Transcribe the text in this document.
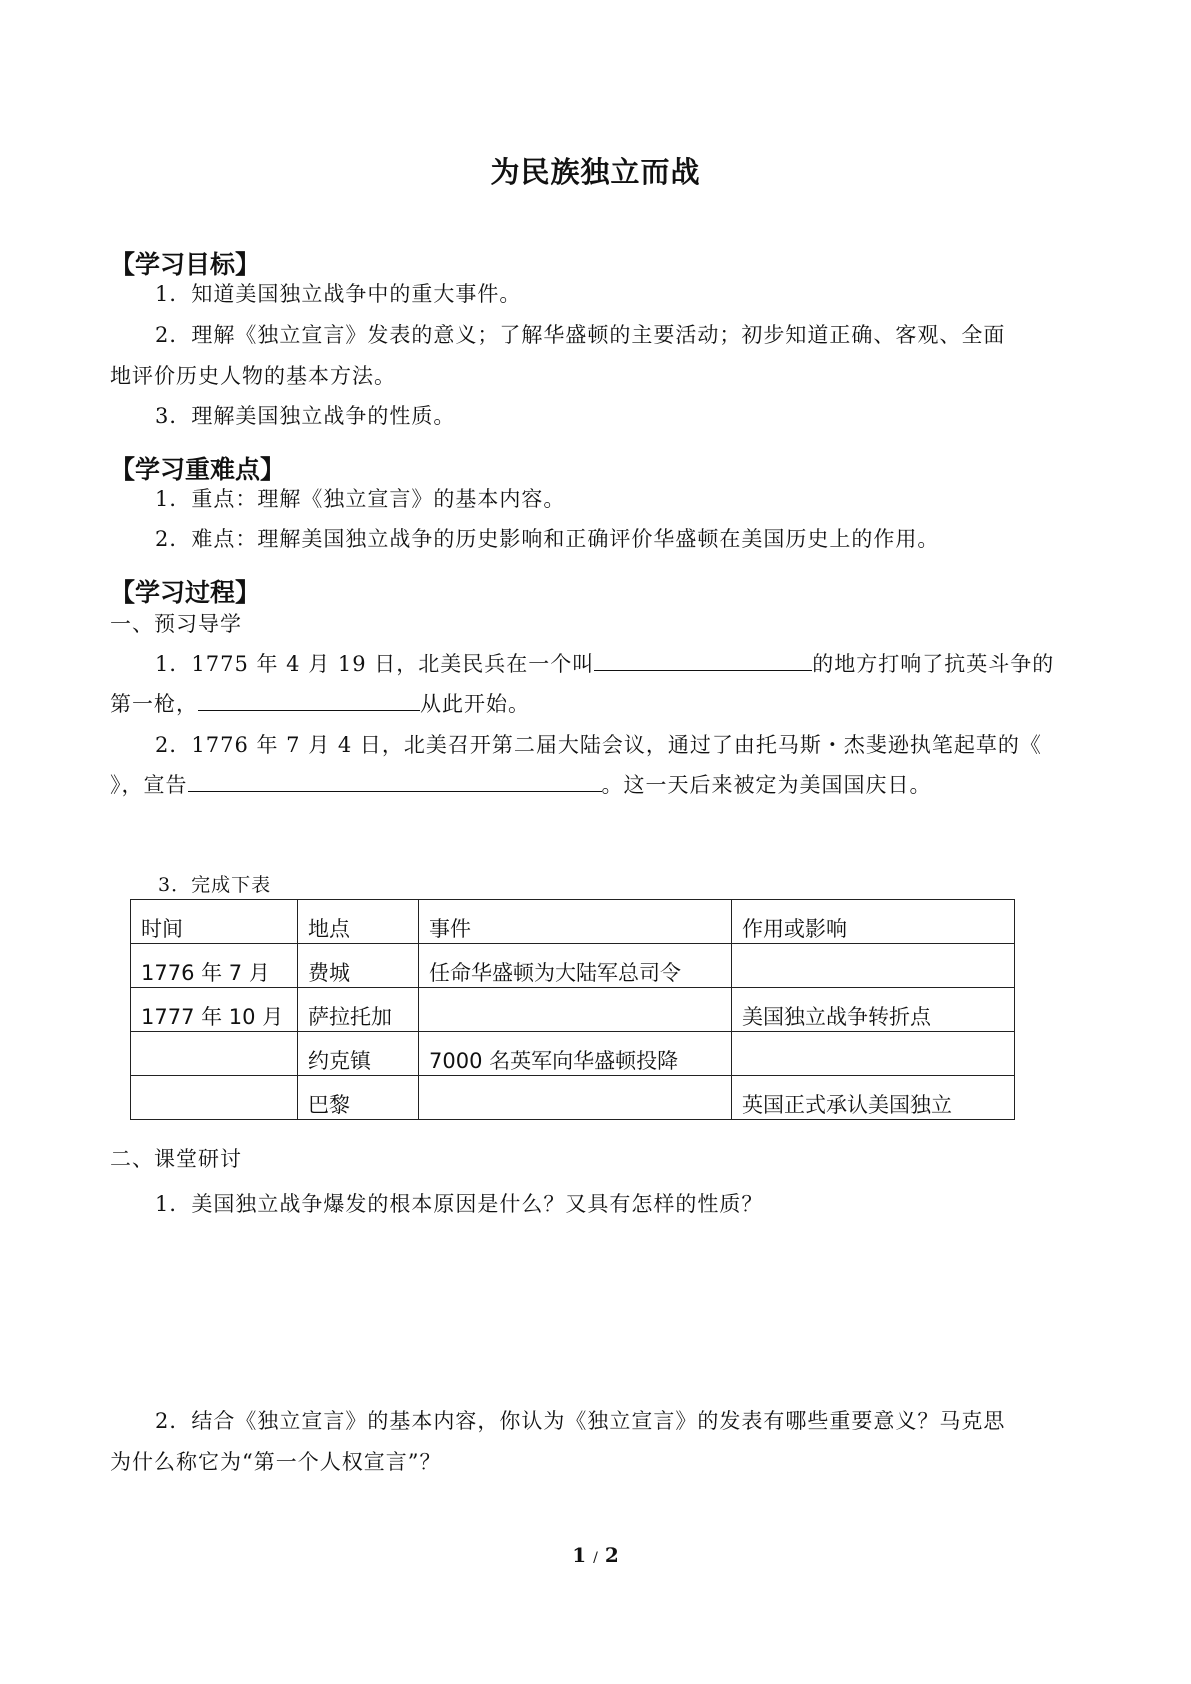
为民族独立而战
【学习目标】
1．知道美国独立战争中的重大事件。
2．理解《独立宣言》发表的意义；了解华盛顿的主要活动；初步知道正确、客观、全面
地评价历史人物的基本方法。
3．理解美国独立战争的性质。
【学习重难点】
1．重点：理解《独立宣言》的基本内容。
2．难点：理解美国独立战争的历史影响和正确评价华盛顿在美国历史上的作用。
【学习过程】
一、预习导学
1．1775 年 4 月 19 日，北美民兵在一个叫	的地方打响了抗英斗争的
第一枪，	从此开始。
2．1776 年 7 月 4 日，北美召开第二届大陆会议，通过了由托马斯・杰斐逊执笔起草的《
》，宣告	。这一天后来被定为美国国庆日。
3．完成下表
时间	地点	事件	作用或影响
1776 年 7 月	费城	任命华盛顿为大陆军总司令	
1777 年 10 月	萨拉托加		美国独立战争转折点
	约克镇	7000 名英军向华盛顿投降	
	巴黎		英国正式承认美国独立
二、课堂研讨
1．美国独立战争爆发的根本原因是什么？又具有怎样的性质？
2．结合《独立宣言》的基本内容，你认为《独立宣言》的发表有哪些重要意义？马克思
为什么称它为“第一个人权宣言”？
1 / 2
